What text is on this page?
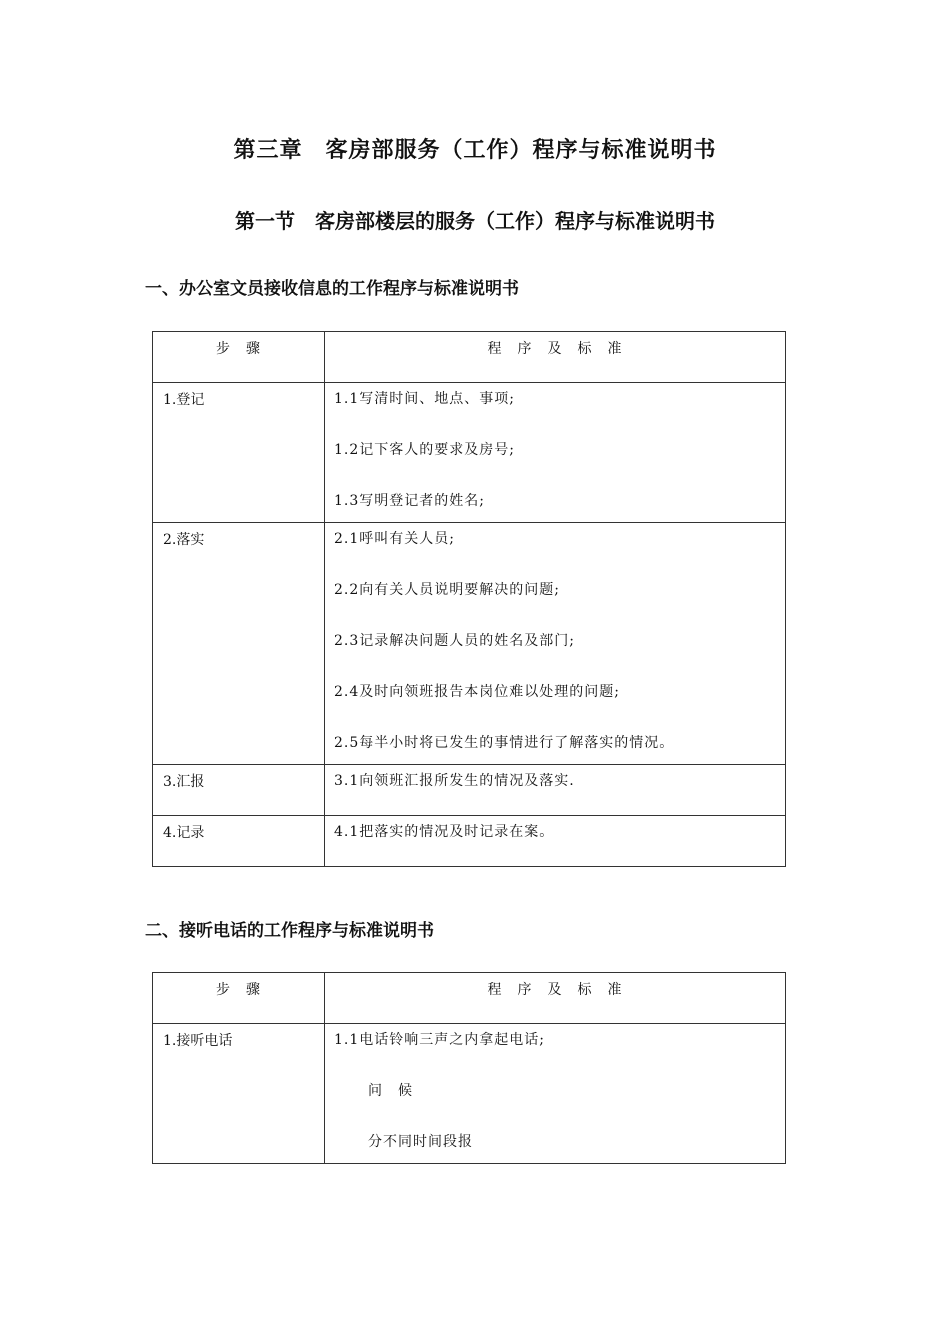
第三章　客房部服务（工作）程序与标准说明书
第一节　客房部楼层的服务（工作）程序与标准说明书
一、办公室文员接收信息的工作程序与标准说明书
步　骤	程　序　及　标　准

1.登记	1.1写清时间、地点、事项;
1.2记下客人的要求及房号;
1.3写明登记者的姓名;

2.落实	2.1呼叫有关人员;
2.2向有关人员说明要解决的问题;
2.3记录解决问题人员的姓名及部门;
2.4及时向领班报告本岗位难以处理的问题;
2.5每半小时将已发生的事情进行了解落实的情况。

3.汇报	3.1向领班汇报所发生的情况及落实.

4.记录	4.1把落实的情况及时记录在案。
二、接听电话的工作程序与标准说明书
步　骤	程　序　及　标　准

1.接听电话	1.1电话铃响三声之内拿起电话;
问　候
分不同时间段报
